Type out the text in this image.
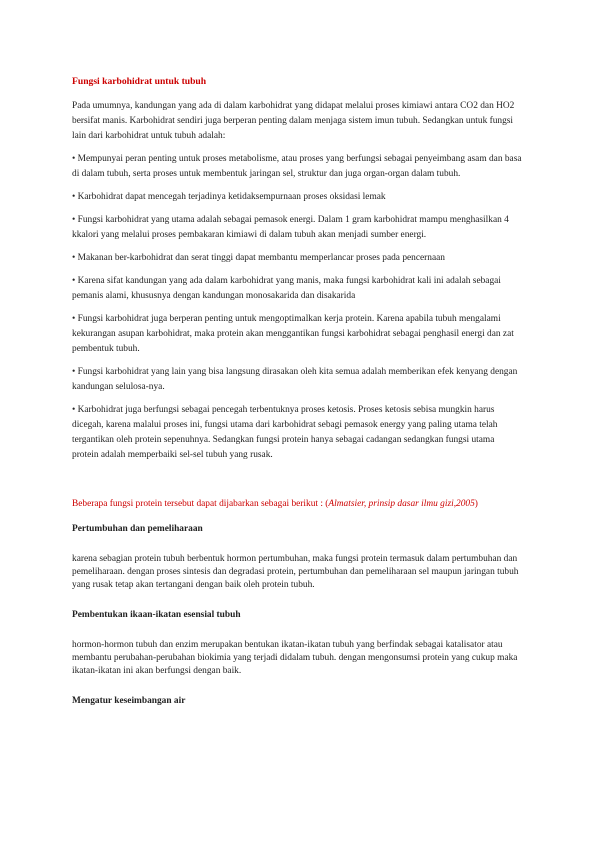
Fungsi karbohidrat untuk tubuh
Pada umumnya, kandungan yang ada di dalam karbohidrat yang didapat melalui proses kimiawi antara CO2 dan HO2 bersifat manis. Karbohidrat sendiri juga berperan penting dalam menjaga sistem imun tubuh. Sedangkan untuk fungsi lain dari karbohidrat untuk tubuh adalah:
• Mempunyai peran penting untuk proses metabolisme, atau proses yang berfungsi sebagai penyeimbang asam dan basa di dalam tubuh, serta proses untuk membentuk jaringan sel, struktur dan juga organ-organ dalam tubuh.
• Karbohidrat dapat mencegah terjadinya ketidaksempurnaan proses oksidasi lemak
• Fungsi karbohidrat yang utama adalah sebagai pemasok energi. Dalam 1 gram karbohidrat mampu menghasilkan 4 kkalori yang melalui proses pembakaran kimiawi di dalam tubuh akan menjadi sumber energi.
• Makanan ber-karbohidrat dan serat tinggi dapat membantu memperlancar proses pada pencernaan
• Karena sifat kandungan yang ada dalam karbohidrat yang manis, maka fungsi karbohidrat kali ini adalah sebagai pemanis alami, khususnya dengan kandungan monosakarida dan disakarida
• Fungsi karbohidrat juga berperan penting untuk mengoptimalkan kerja protein. Karena apabila tubuh mengalami kekurangan asupan karbohidrat, maka protein akan menggantikan fungsi karbohidrat sebagai penghasil energi dan zat pembentuk tubuh.
• Fungsi karbohidrat yang lain yang bisa langsung dirasakan oleh kita semua adalah memberikan efek kenyang dengan kandungan selulosa-nya.
• Karbohidrat juga berfungsi sebagai pencegah terbentuknya proses ketosis. Proses ketosis sebisa mungkin harus dicegah, karena malalui proses ini, fungsi utama dari karbohidrat sebagi pemasok energy yang paling utama telah tergantikan oleh protein sepenuhnya. Sedangkan fungsi protein hanya sebagai cadangan sedangkan fungsi utama protein adalah memperbaiki sel-sel tubuh yang rusak.
Beberapa fungsi protein tersebut dapat dijabarkan sebagai berikut : (Almatsier, prinsip dasar ilmu gizi,2005)
Pertumbuhan dan pemeliharaan
karena sebagian protein tubuh berbentuk hormon pertumbuhan, maka fungsi protein termasuk dalam pertumbuhan dan pemeliharaan. dengan proses sintesis dan degradasi protein, pertumbuhan dan pemeliharaan sel maupun jaringan tubuh yang rusak tetap akan tertangani dengan baik oleh protein tubuh.
Pembentukan ikaan-ikatan esensial tubuh
hormon-hormon tubuh dan enzim merupakan bentukan ikatan-ikatan tubuh yang berfindak sebagai katalisator atau membantu perubahan-perubahan biokimia yang terjadi didalam tubuh. dengan mengonsumsi protein yang cukup maka ikatan-ikatan ini akan berfungsi dengan baik.
Mengatur keseimbangan air
